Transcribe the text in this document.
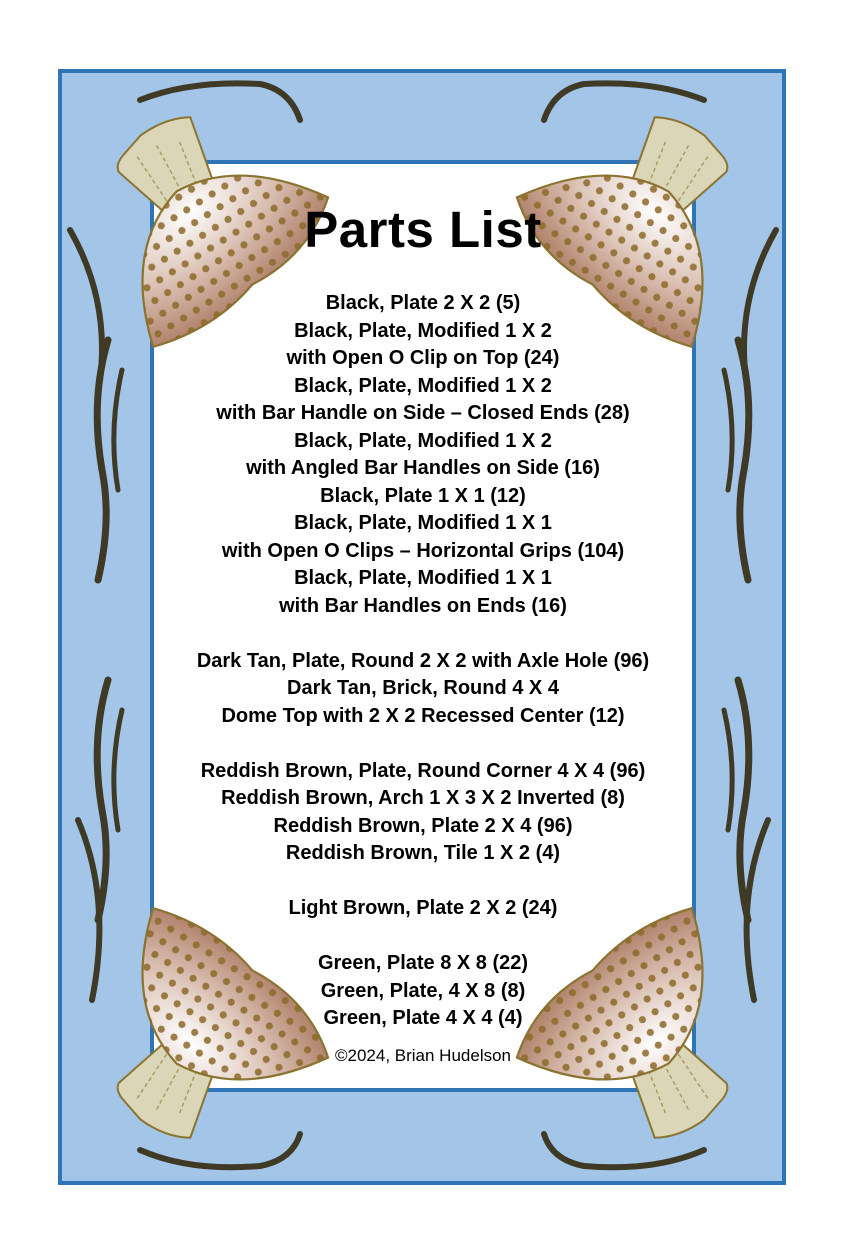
Parts List
Black, Plate 2 X 2 (5)
Black, Plate, Modified 1 X 2
with Open O Clip on Top (24)
Black, Plate, Modified 1 X 2
with Bar Handle on Side – Closed Ends (28)
Black, Plate, Modified 1 X 2
with Angled Bar Handles on Side (16)
Black, Plate 1 X 1 (12)
Black, Plate, Modified 1 X 1
with Open O Clips – Horizontal Grips (104)
Black, Plate, Modified 1 X 1
with Bar Handles on Ends (16)
Dark Tan, Plate, Round 2 X 2 with Axle Hole (96)
Dark Tan, Brick, Round 4 X 4
Dome Top with 2 X 2 Recessed Center (12)
Reddish Brown, Plate, Round Corner 4 X 4 (96)
Reddish Brown, Arch 1 X 3 X 2 Inverted (8)
Reddish Brown, Plate 2 X 4 (96)
Reddish Brown, Tile 1 X 2 (4)
Light Brown, Plate 2 X 2 (24)
Green, Plate 8 X 8 (22)
Green, Plate, 4 X 8 (8)
Green, Plate 4 X 4 (4)
©2024, Brian Hudelson
